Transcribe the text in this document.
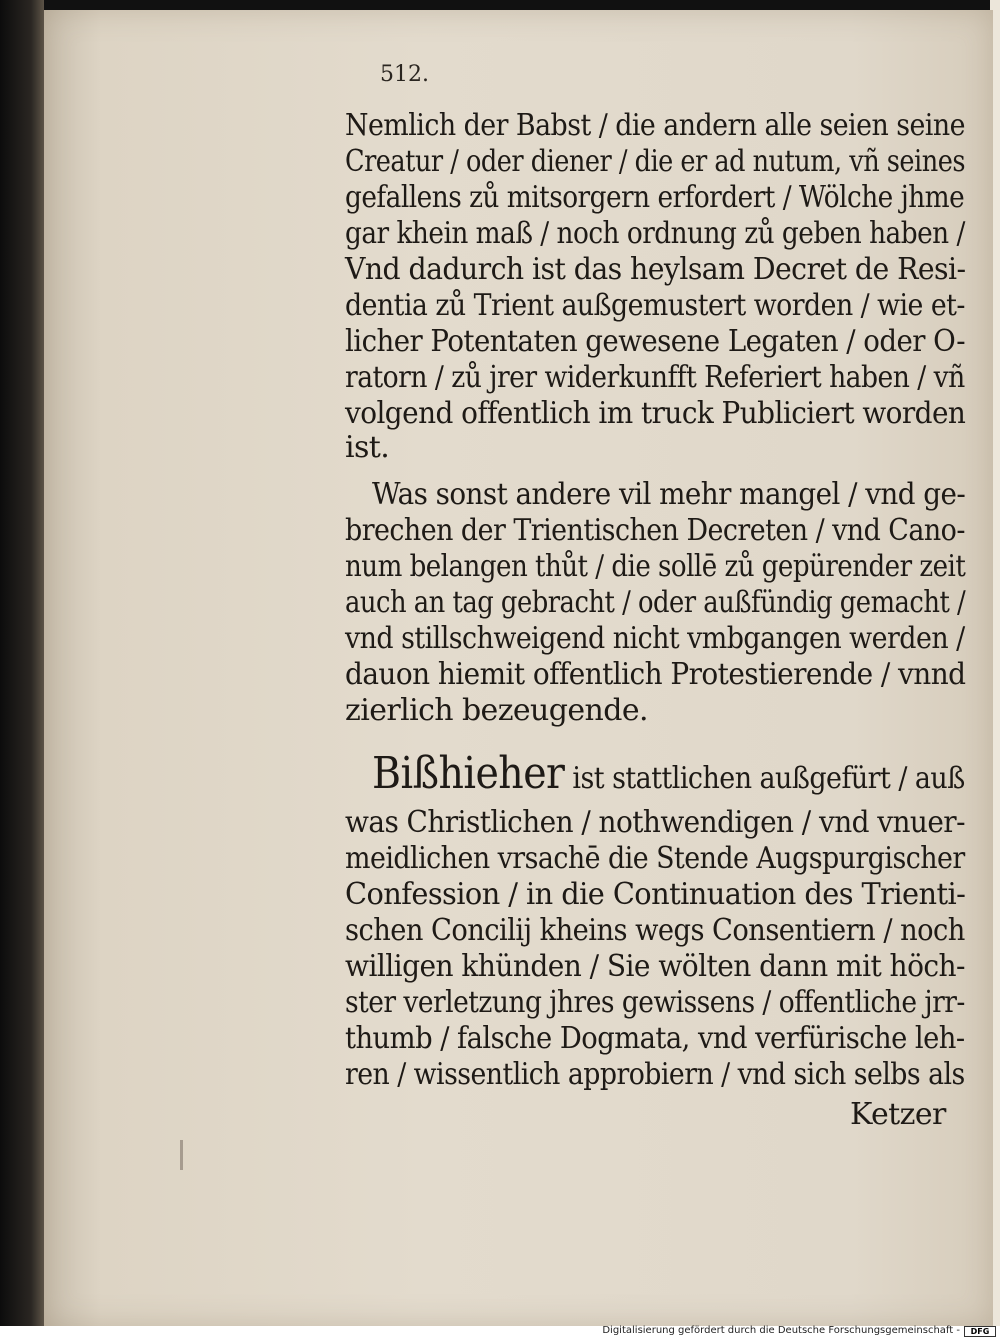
512.
Nemlich der Babst / die andern alle seien seine
Creatur / oder diener / die er ad nutum, vñ seines
gefallens zů mitsorgern erfordert / Wölche jhme
gar khein maß / noch ordnung zů geben haben /
Vnd dadurch ist das heylsam Decret de Resi-
dentia zů Trient außgemustert worden / wie et-
licher Potentaten gewesene Legaten / oder O-
ratorn / zů jrer widerkunfft Referiert haben / vñ
volgend offentlich im truck Publiciert worden
ist.
Was sonst andere vil mehr mangel / vnd ge-
brechen der Trientischen Decreten / vnd Cano-
num belangen thůt / die sollē zů gepürender zeit
auch an tag gebracht / oder außfündig gemacht /
vnd stillschweigend nicht vmbgangen werden /
dauon hiemit offentlich Protestierende / vnnd
zierlich bezeugende.
Bißhieher ist stattlichen außgefürt / auß
was Christlichen / nothwendigen / vnd vnuer-
meidlichen vrsachē die Stende Augspurgischer
Confession / in die Continuation des Trienti-
schen Concilij kheins wegs Consentiern / noch
willigen khünden / Sie wölten dann mit höch-
ster verletzung jhres gewissens / offentliche jrr-
thumb / falsche Dogmata, vnd verfürische leh-
ren / wissentlich approbiern / vnd sich selbs als
Ketzer
Digitalisierung gefördert durch die Deutsche Forschungsgemeinschaft -	DFG
